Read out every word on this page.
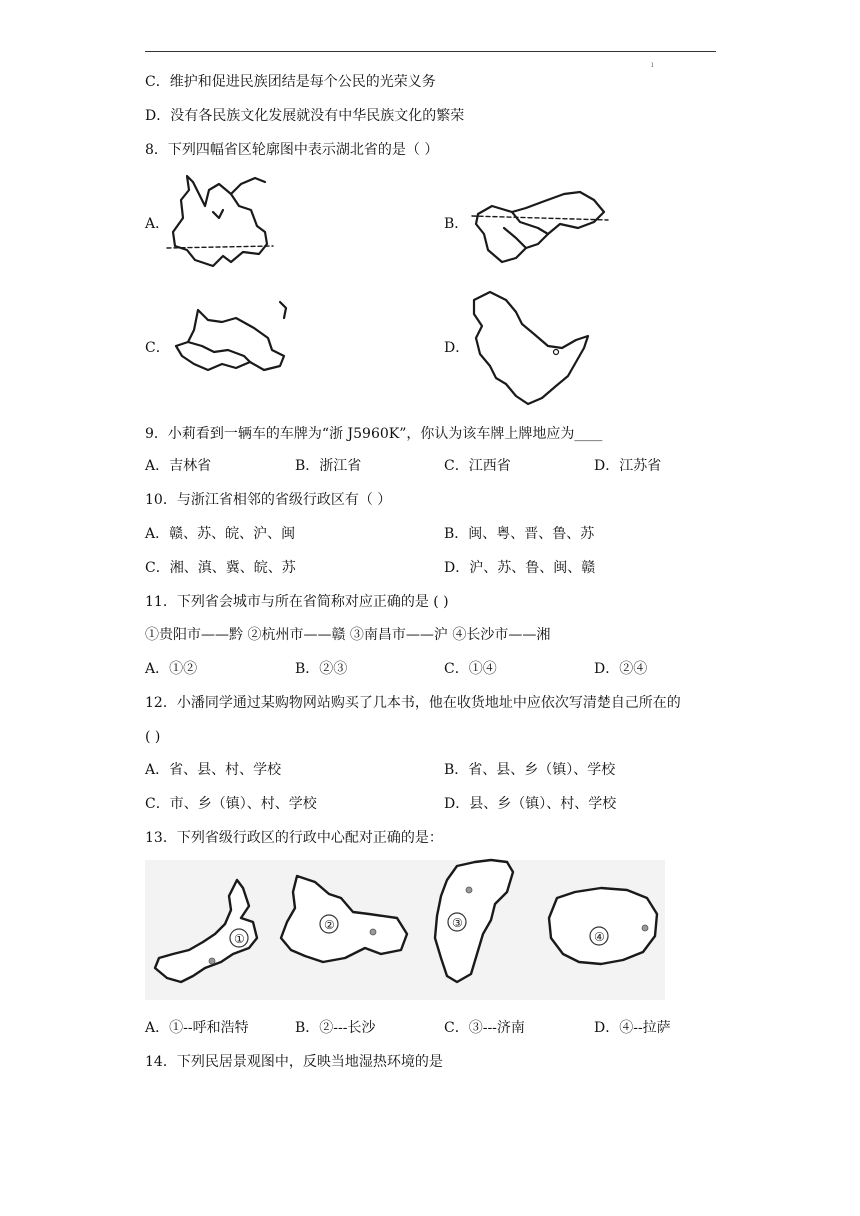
ı
C．维护和促进民族团结是每个公民的光荣义务
D．没有各民族文化发展就没有中华民族文化的繁荣
8．下列四幅省区轮廓图中表示湖北省的是（ ）
A．	B．
C．	D．
9．小莉看到一辆车的车牌为“浙 J5960K”，你认为该车牌上牌地应为____
A．吉林省	B．浙江省	C．江西省	D．江苏省
10．与浙江省相邻的省级行政区有（ ）
A．赣、苏、皖、沪、闽	B．闽、粤、晋、鲁、苏
C．湘、滇、冀、皖、苏	D．沪、苏、鲁、闽、赣
11．下列省会城市与所在省简称对应正确的是 ( )
①贵阳市——黔 ②杭州市——赣 ③南昌市——沪 ④长沙市——湘
A．①②	B．②③	C．①④	D．②④
12．小潘同学通过某购物网站购买了几本书，他在收货地址中应依次写清楚自己所在的
( )
A．省、县、村、学校	B．省、县、乡（镇）、学校
C．市、乡（镇）、村、学校	D．县、乡（镇）、村、学校
13．下列省级行政区的行政中心配对正确的是：
①
②	③
④
A．①--呼和浩特	B．②---长沙	C．③---济南	D．④--拉萨
14．下列民居景观图中，反映当地湿热环境的是
